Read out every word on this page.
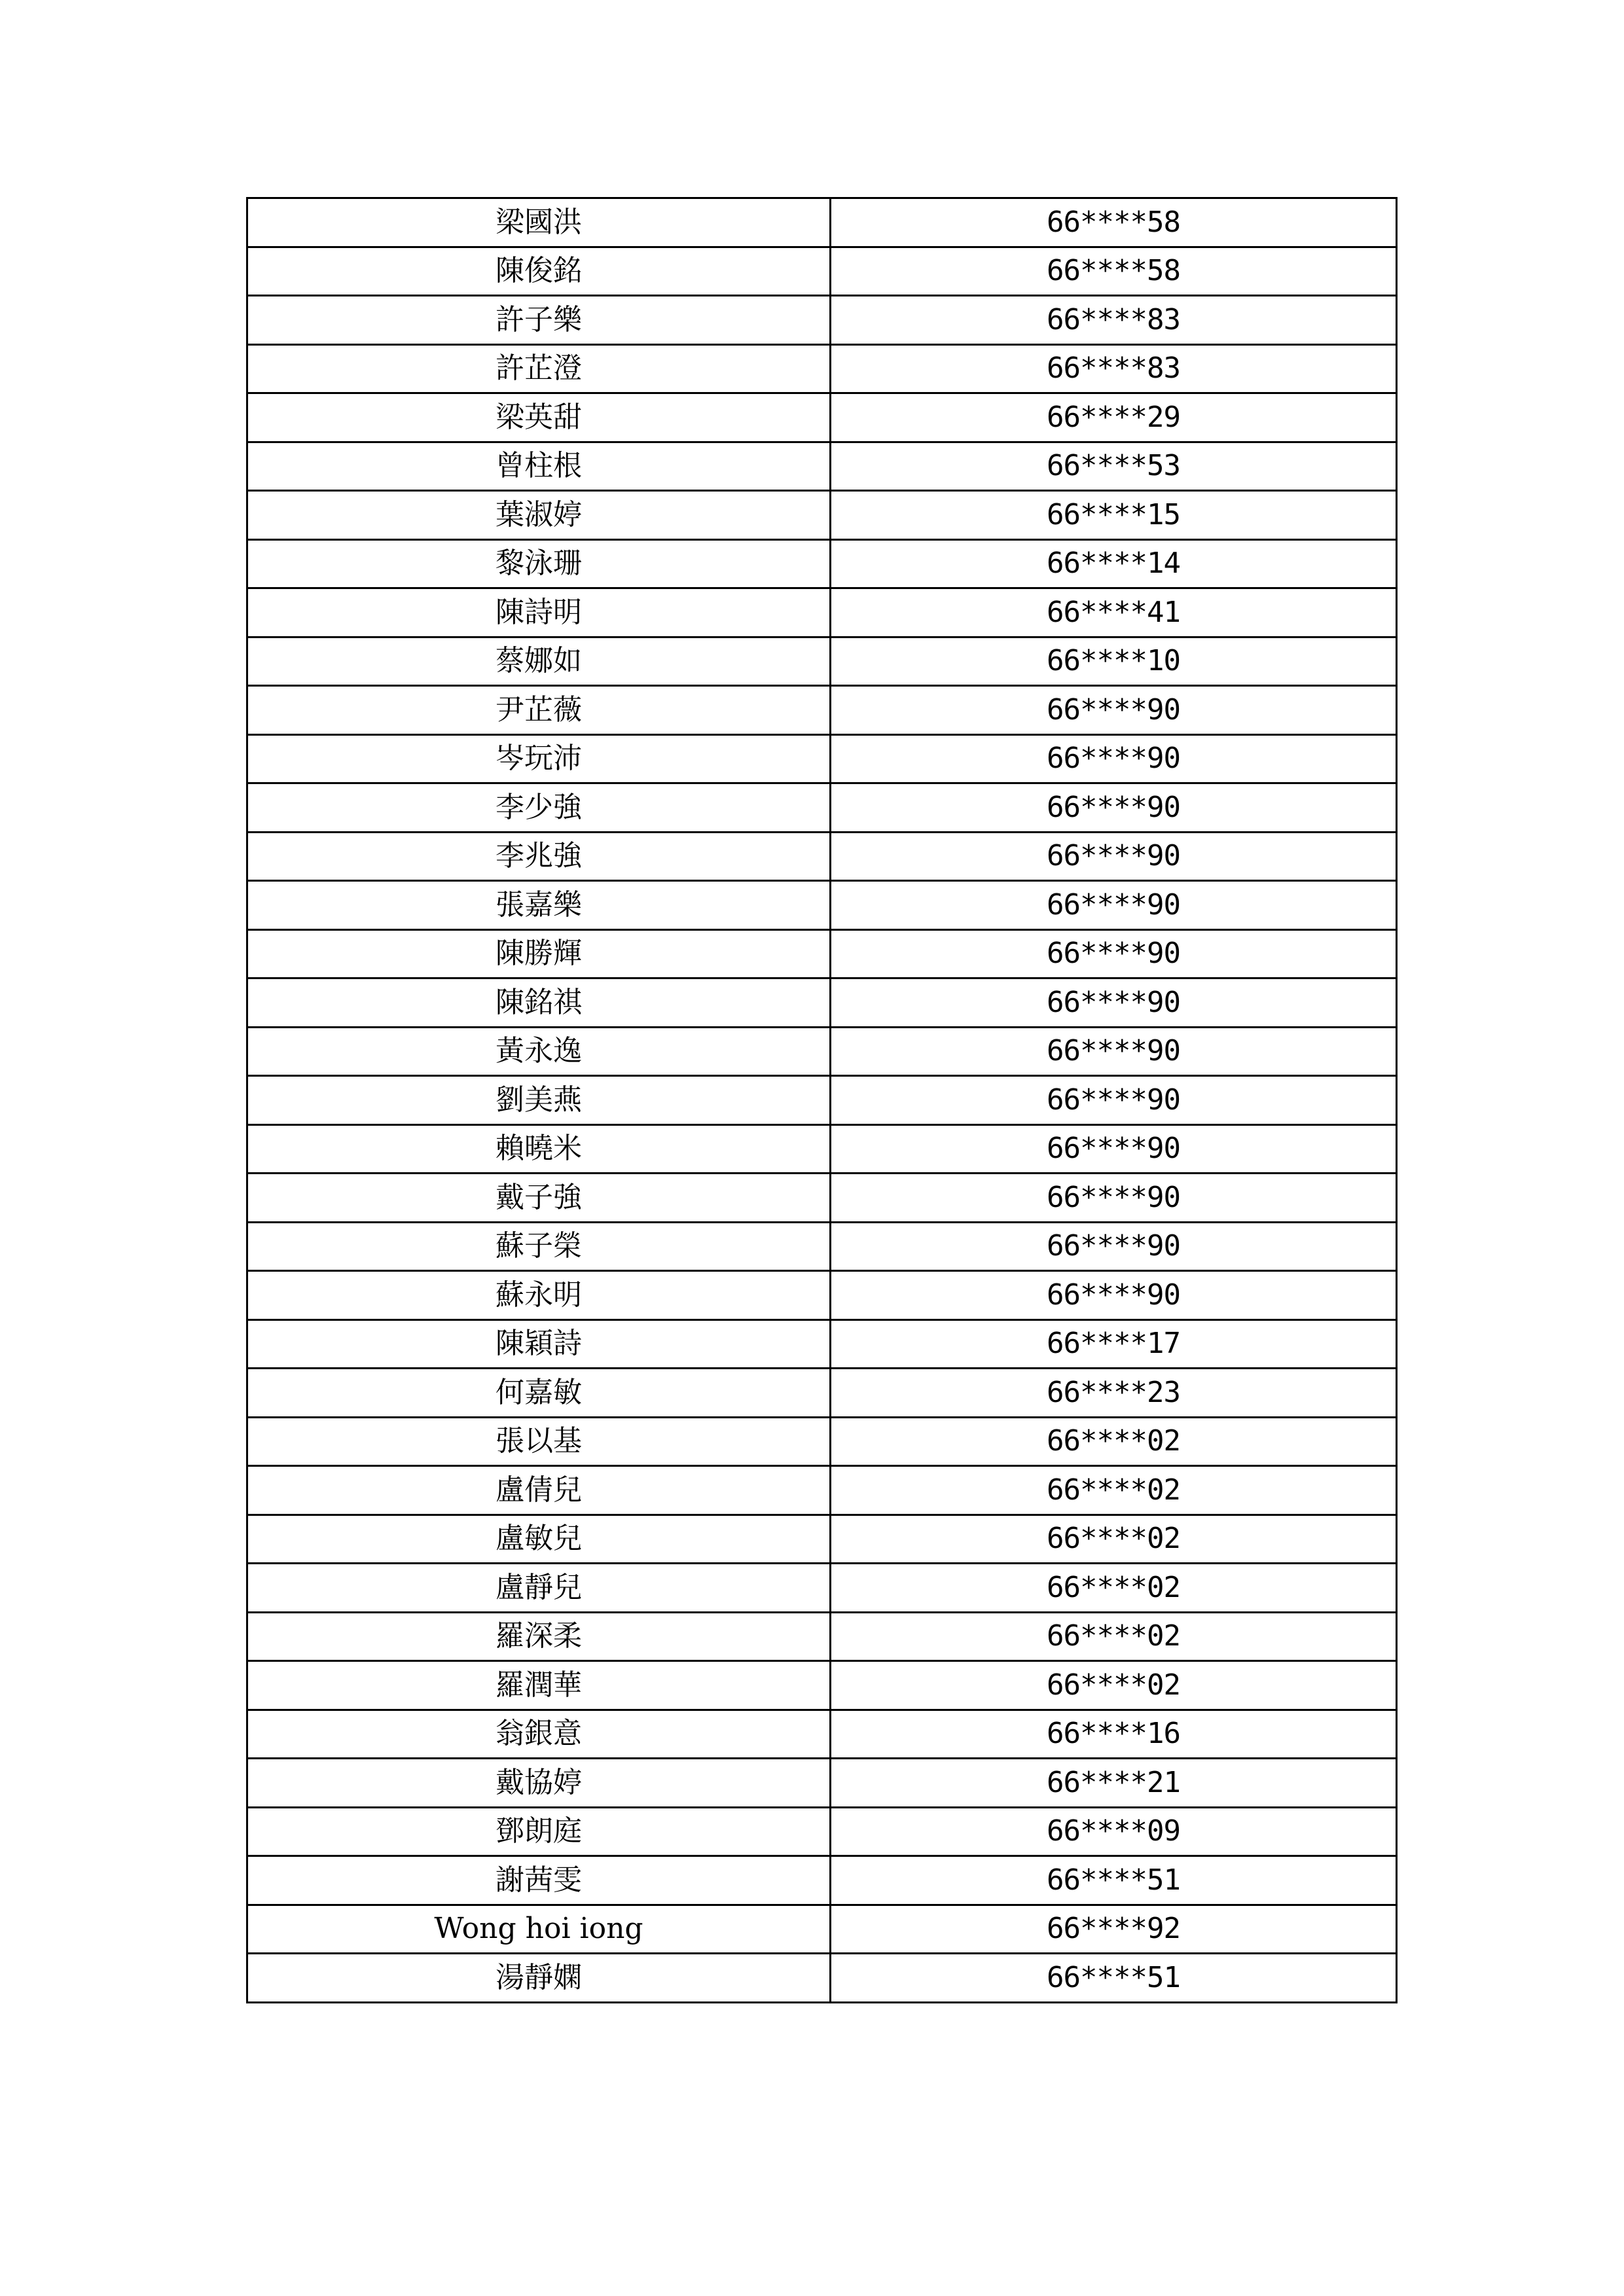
梁國洪	66****58
陳俊銘	66****58
許子樂	66****83
許芷澄	66****83
梁英甜	66****29
曾柱根	66****53
葉淑婷	66****15
黎泳珊	66****14
陳詩明	66****41
蔡娜如	66****10
尹芷薇	66****90
岑玩沛	66****90
李少強	66****90
李兆強	66****90
張嘉樂	66****90
陳勝輝	66****90
陳銘祺	66****90
黃永逸	66****90
劉美燕	66****90
賴曉米	66****90
戴子強	66****90
蘇子榮	66****90
蘇永明	66****90
陳穎詩	66****17
何嘉敏	66****23
張以基	66****02
盧倩兒	66****02
盧敏兒	66****02
盧靜兒	66****02
羅深柔	66****02
羅潤華	66****02
翁銀意	66****16
戴協婷	66****21
鄧朗庭	66****09
謝茜雯	66****51
Wong hoi iong	66****92
湯靜嫻	66****51
